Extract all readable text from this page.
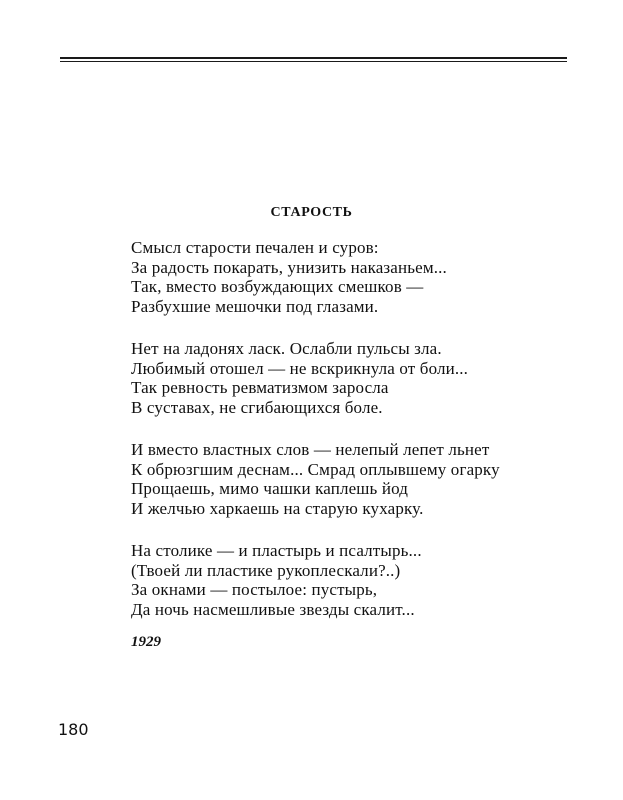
СТАРОСТЬ
Смысл старости печален и суров:
За радость покарать, унизить наказаньем...
Так, вместо возбуждающих смешков —
Разбухшие мешочки под глазами.
Нет на ладонях ласк. Ослабли пульсы зла.
Любимый отошел — не вскрикнула от боли...
Так ревность ревматизмом заросла
В суставах, не сгибающихся боле.
И вместо властных слов — нелепый лепет льнет
К обрюзгшим деснам... Смрад оплывшему огарку
Прощаешь, мимо чашки каплешь йод
И желчью харкаешь на старую кухарку.
На столике — и пластырь и псалтырь...
(Твоей ли пластике рукоплескали?..)
За окнами — постылое: пустырь,
Да ночь насмешливые звезды скалит...
1929
180
